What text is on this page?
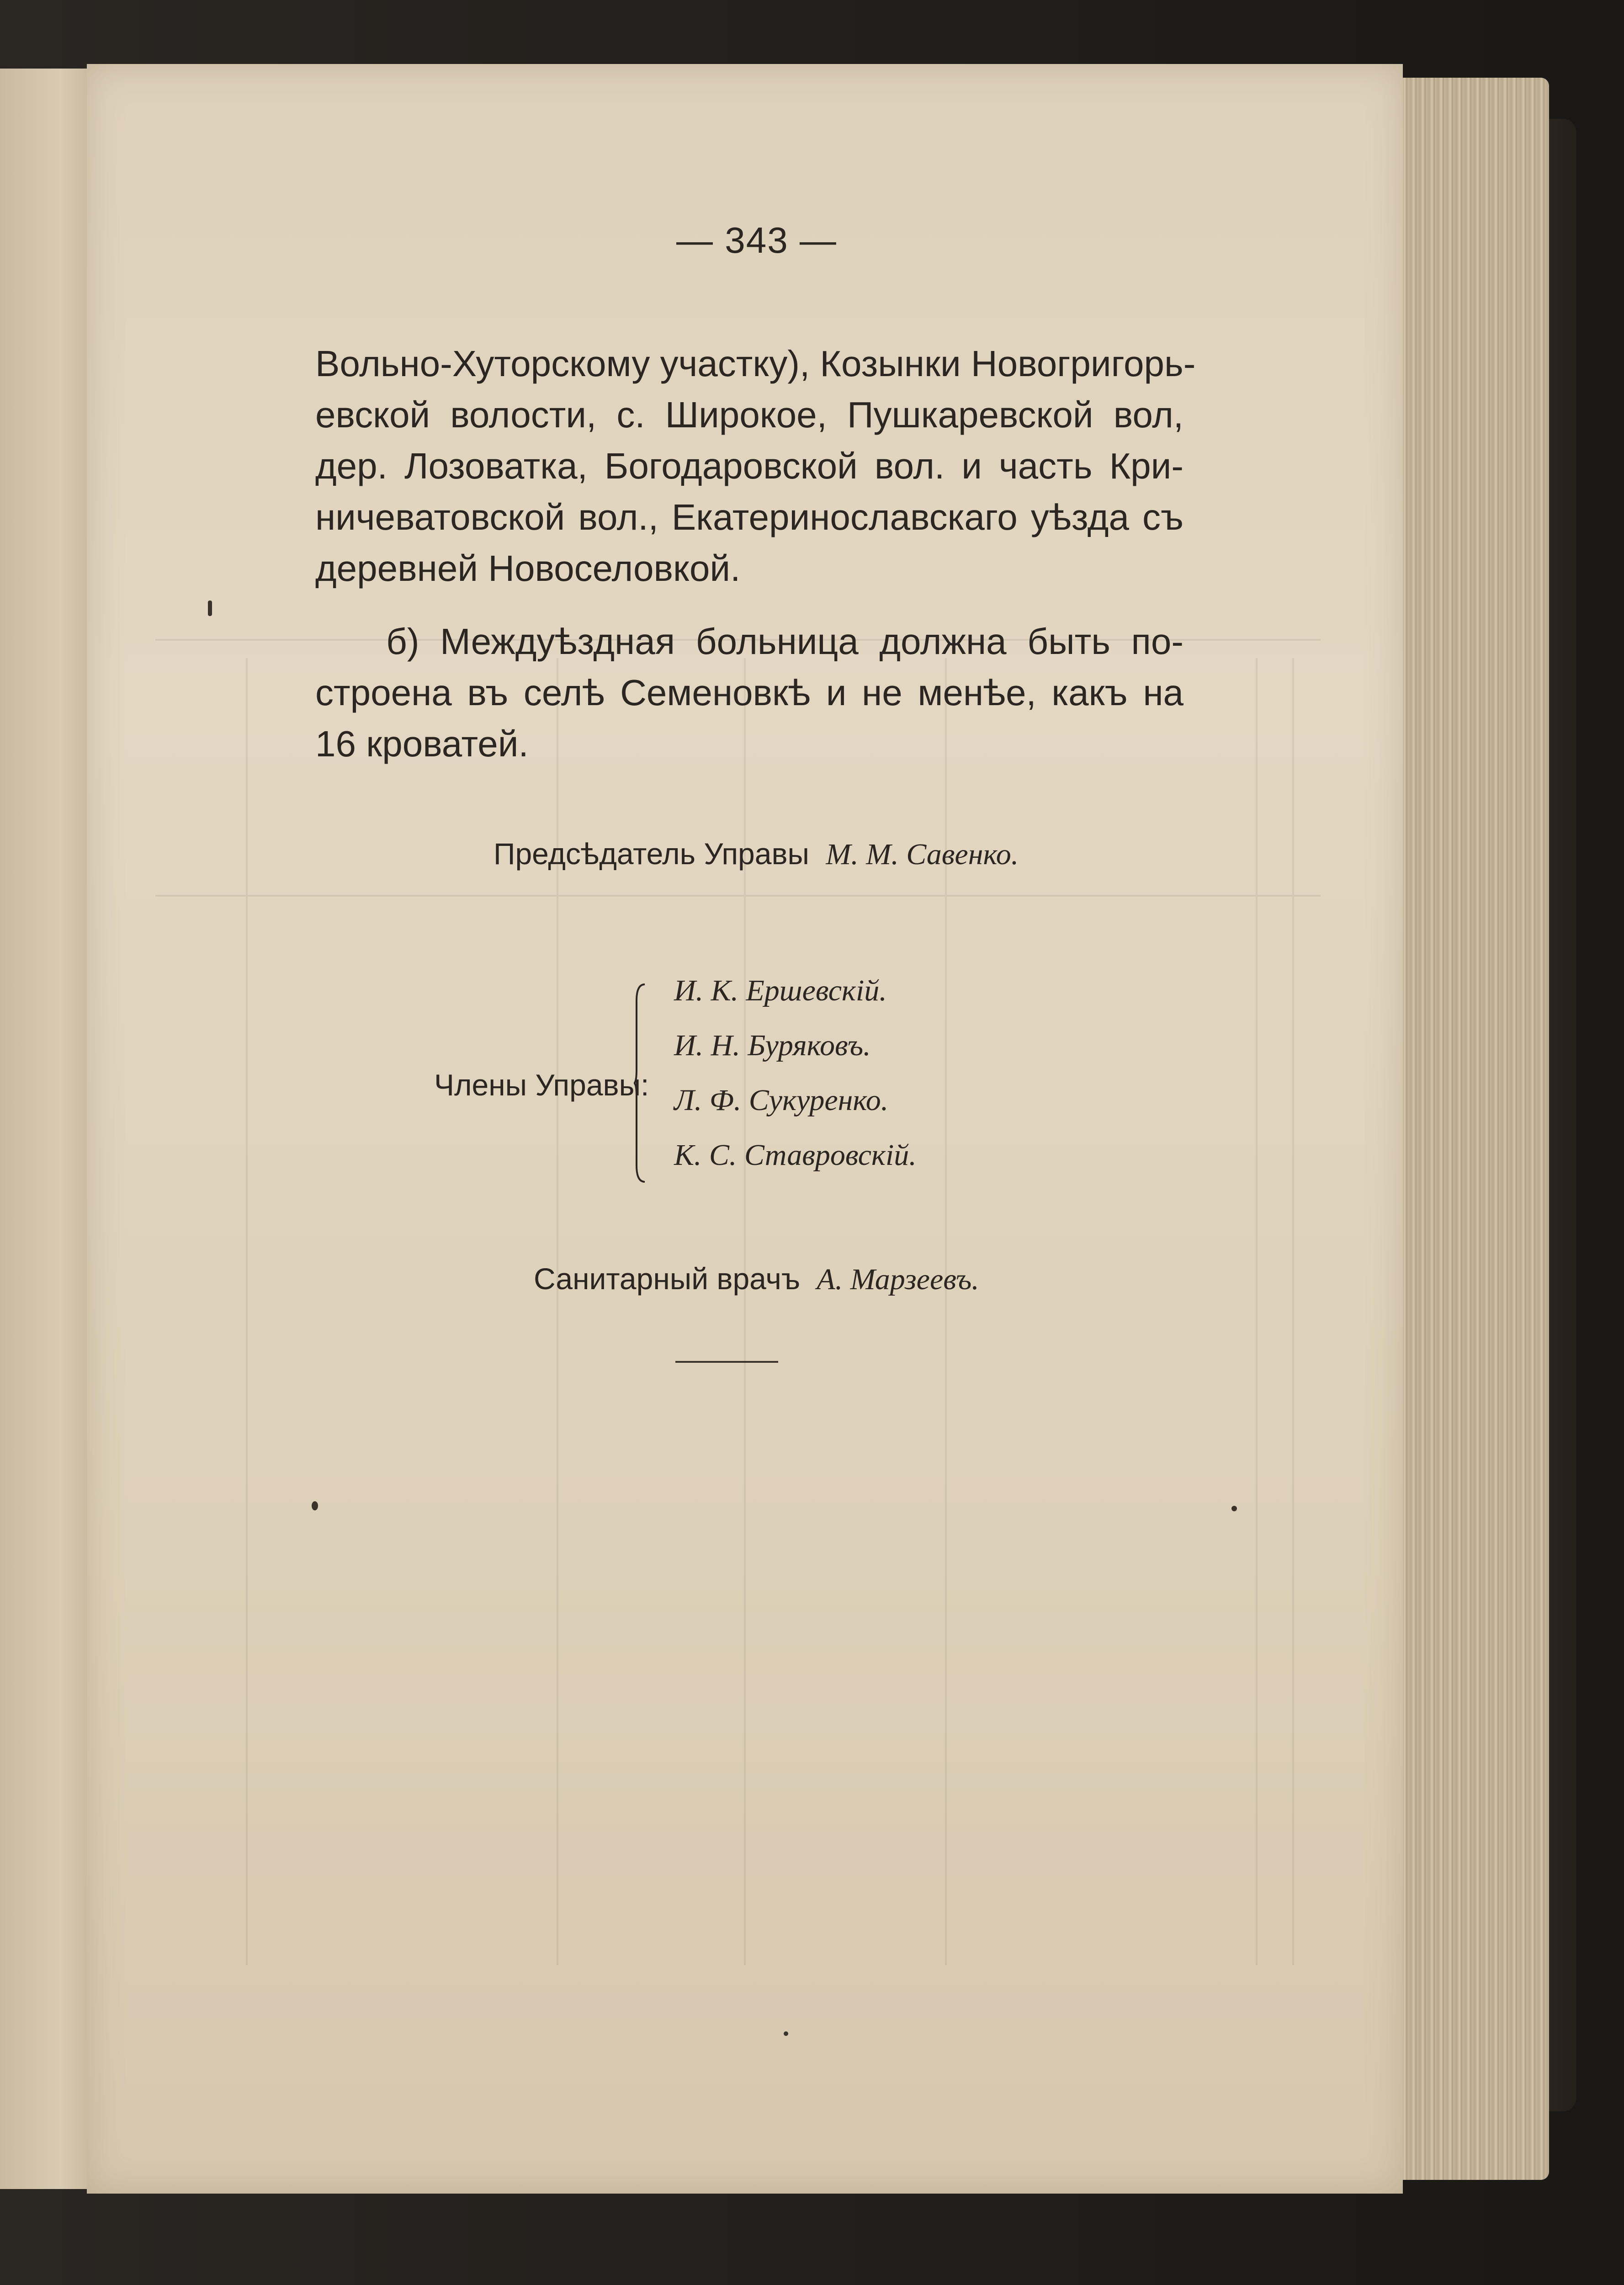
— 343 —
Вольно-Хуторскому участку), Козынки Новогригорь-
евской волости, с. Широкое, Пушкаревской вол,
дер. Лозоватка, Богодаровской вол. и часть Кри-
ничеватовской вол., Екатеринославскаго уѣзда съ
деревней Новоселовкой.
б) Междуѣздная больница должна быть по-
строена въ селѣ Семеновкѣ и не менѣе, какъ на
16 кроватей.
Предсѣдатель Управы М. М. Савенко.
Члены Управы:
И. К. Ершевскій.
И. Н. Буряковъ.
Л. Ф. Сукуренко.
К. С. Ставровскій.
Санитарный врачъ А. Марзеевъ.
